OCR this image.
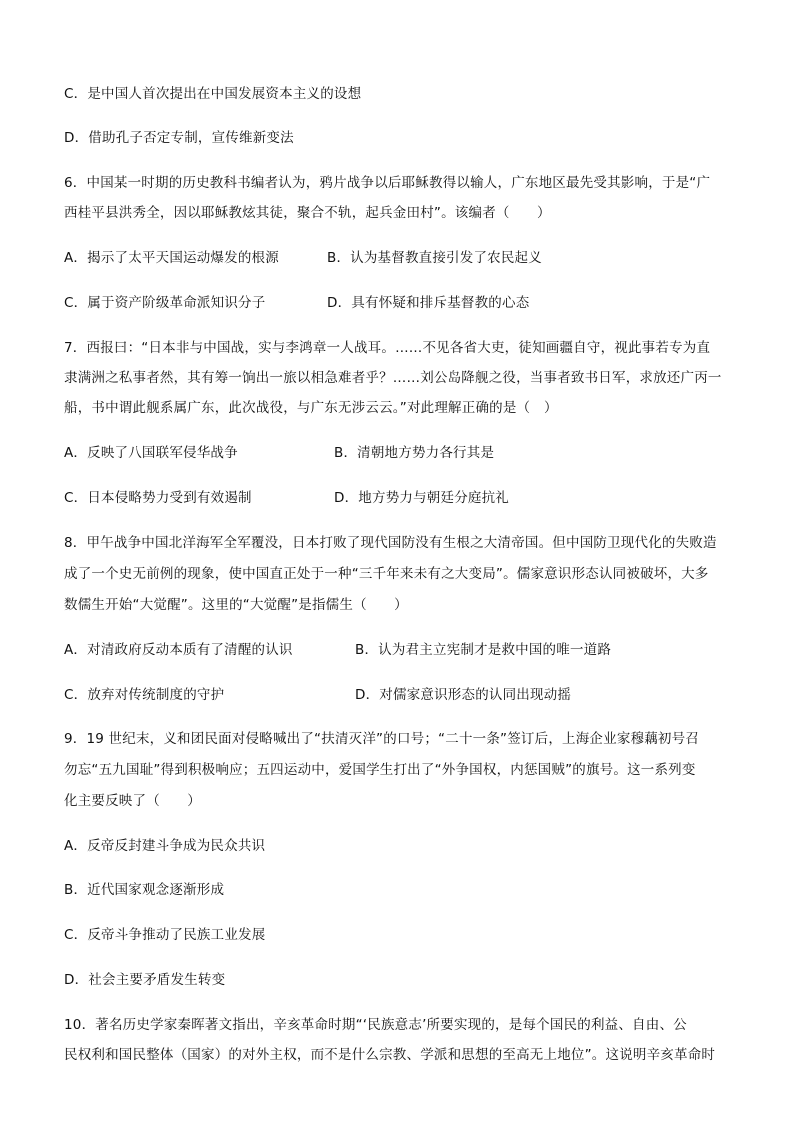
C．是中国人首次提出在中国发展资本主义的设想
D．借助孔子否定专制，宣传维新变法
6．中国某一时期的历史教科书编者认为，鸦片战争以后耶稣教得以输人，广东地区最先受其影响，于是“广
西桂平县洪秀全，因以耶稣教炫其徒，聚合不轨，起兵金田村”。该编者（　　）
A．揭示了太平天国运动爆发的根源	B．认为基督教直接引发了农民起义
C．属于资产阶级革命派知识分子	D．具有怀疑和排斥基督教的心态
7．西报曰：“日本非与中国战，实与李鸿章一人战耳。……不见各省大吏，徒知画疆自守，视此事若专为直
隶满洲之私事者然，其有筹一饷出一旅以相急难者乎？……刘公岛降舰之役，当事者致书日军，求放还广丙一
船，书中谓此舰系属广东，此次战役，与广东无涉云云。”对此理解正确的是（　）
A．反映了八国联军侵华战争	B．清朝地方势力各行其是
C．日本侵略势力受到有效遏制	D．地方势力与朝廷分庭抗礼
8．甲午战争中国北洋海军全军覆没，日本打败了现代国防没有生根之大清帝国。但中国防卫现代化的失败造
成了一个史无前例的现象，使中国直正处于一种“三千年来未有之大变局”。儒家意识形态认同被破坏，大多
数儒生开始“大觉醒”。这里的“大觉醒”是指儒生（　　）
A．对清政府反动本质有了清醒的认识	B．认为君主立宪制才是救中国的唯一道路
C．放弃对传统制度的守护	D．对儒家意识形态的认同出现动摇
9．19 世纪末，义和团民面对侵略喊出了“扶清灭洋”的口号；“二十一条”签订后，上海企业家穆藕初号召
勿忘“五九国耻”得到积极响应；五四运动中，爱国学生打出了“外争国权，内惩国贼”的旗号。这一系列变
化主要反映了（　　）
A．反帝反封建斗争成为民众共识
B．近代国家观念逐渐形成
C．反帝斗争推动了民族工业发展
D．社会主要矛盾发生转变
10．著名历史学家秦晖著文指出，辛亥革命时期“‘民族意志’所要实现的，是每个国民的利益、自由、公
民权利和国民整体（国家）的对外主权，而不是什么宗教、学派和思想的至高无上地位”。这说明辛亥革命时
